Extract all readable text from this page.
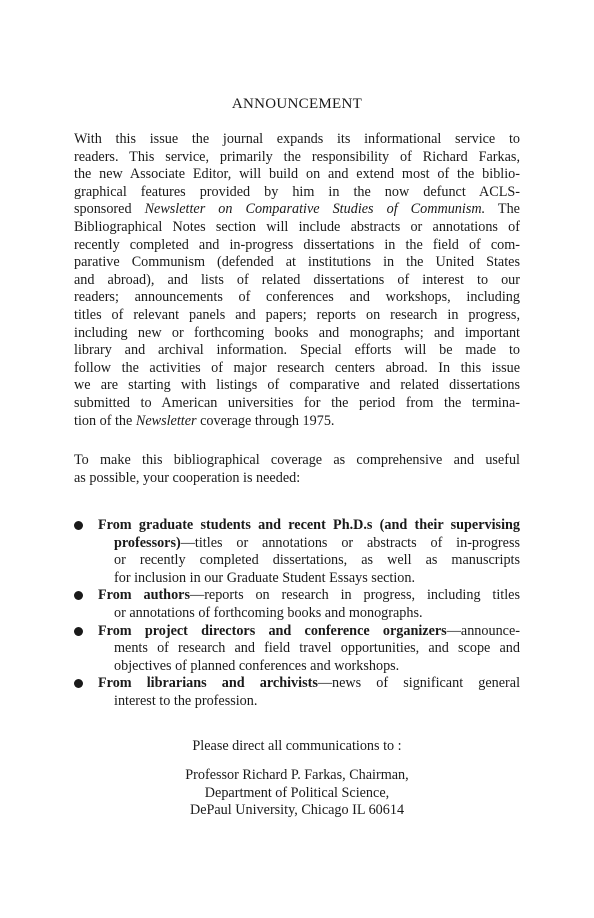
ANNOUNCEMENT
With this issue the journal expands its informational service to
readers. This service, primarily the responsibility of Richard Farkas,
the new Associate Editor, will build on and extend most of the biblio-
graphical features provided by him in the now defunct ACLS-
sponsored Newsletter on Comparative Studies of Communism. The
Bibliographical Notes section will include abstracts or annotations of
recently completed and in-progress dissertations in the field of com-
parative Communism (defended at institutions in the United States
and abroad), and lists of related dissertations of interest to our
readers; announcements of conferences and workshops, including
titles of relevant panels and papers; reports on research in progress,
including new or forthcoming books and monographs; and important
library and archival information. Special efforts will be made to
follow the activities of major research centers abroad. In this issue
we are starting with listings of comparative and related dissertations
submitted to American universities for the period from the termina-
tion of the Newsletter coverage through 1975.
To make this bibliographical coverage as comprehensive and useful
as possible, your cooperation is needed:
From graduate students and recent Ph.D.s (and their supervising
professors)—titles or annotations or abstracts of in-progress
or recently completed dissertations, as well as manuscripts
for inclusion in our Graduate Student Essays section.
From authors—reports on research in progress, including titles
or annotations of forthcoming books and monographs.
From project directors and conference organizers—announce-
ments of research and field travel opportunities, and scope and
objectives of planned conferences and workshops.
From librarians and archivists—news of significant general
interest to the profession.
Please direct all communications to :
Professor Richard P. Farkas, Chairman,
Department of Political Science,
DePaul University, Chicago IL 60614
